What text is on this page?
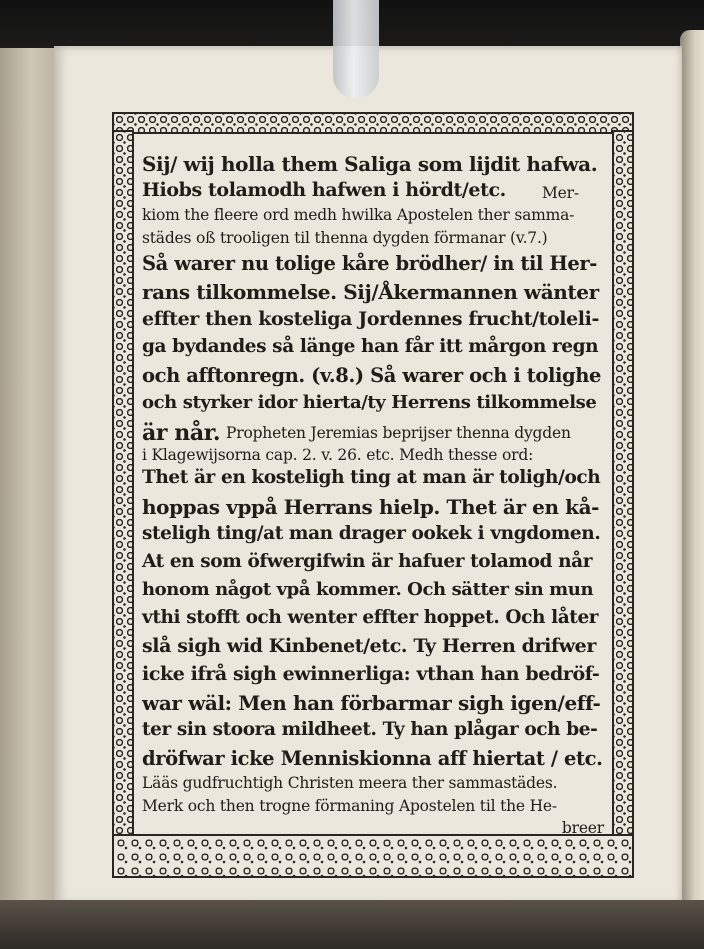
Sij/ wij holla them Saliga som lijdit hafwa.
Hiobs tolamodh hafwen i hördt/etc.	Mer-
kiom the fleere ord medh hwilka Apostelen ther samma-
städes oß trooligen til thenna dygden förmanar (v.7.)
Så warer nu tolige kåre brödher/ in til Her-
rans tilkommelse. Sij/Åkermannen wänter
effter then kosteliga Jordennes frucht/toleli-
ga bydandes så länge han får itt mårgon regn
och afftonregn. (v.8.) Så warer och i tolighe
och styrker idor hierta/ty Herrens tilkommelse
är når. Propheten Jeremias beprijser thenna dygden
i Klagewijsorna cap. 2. v. 26. etc. Medh thesse ord:
Thet är en kosteligh ting at man är toligh/och
hoppas vppå Herrans hielp. Thet är en kå-
steligh ting/at man drager ookek i vngdomen.
At en som öfwergifwin är hafuer tolamod når
honom något vpå kommer. Och sätter sin mun
vthi stofft och wenter effter hoppet. Och låter
slå sigh wid Kinbenet/etc. Ty Herren drifwer
icke ifrå sigh ewinnerliga: vthan han bedröf-
war wäl: Men han förbarmar sigh igen/eff-
ter sin stoora mildheet. Ty han plågar och be-
dröfwar icke Menniskionna aff hiertat / etc.
Lääs gudfruchtigh Christen meera ther sammastädes.
Merk och then trogne förmaning Apostelen til the He-
breer
